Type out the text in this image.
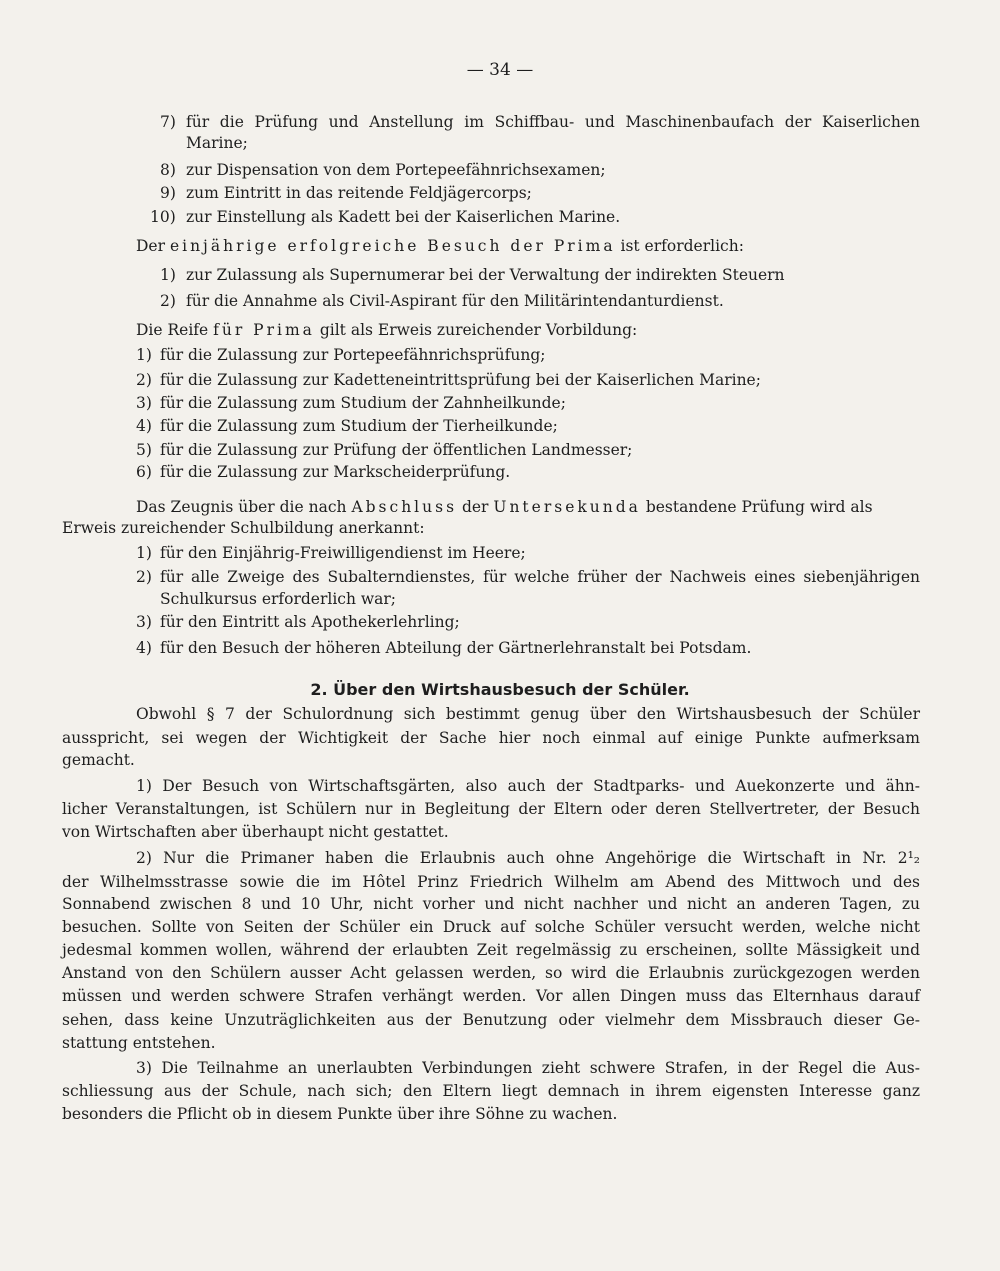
— 34 —
7) für die Prüfung und Anstellung im Schiffbau- und Maschinenbaufach der Kaiserlichen
Marine;
8) zur Dispensation von dem Portepeefähnrichsexamen;
9) zum Eintritt in das reitende Feldjägercorps;
10) zur Einstellung als Kadett bei der Kaiserlichen Marine.
Der einjährige erfolgreiche Besuch der Prima ist erforderlich:
1) zur Zulassung als Supernumerar bei der Verwaltung der indirekten Steuern
2) für die Annahme als Civil-Aspirant für den Militärintendanturdienst.
Die Reife für Prima gilt als Erweis zureichender Vorbildung:
1) für die Zulassung zur Portepeefähnrichsprüfung;
2) für die Zulassung zur Kadetteneintrittsprüfung bei der Kaiserlichen Marine;
3) für die Zulassung zum Studium der Zahnheilkunde;
4) für die Zulassung zum Studium der Tierheilkunde;
5) für die Zulassung zur Prüfung der öffentlichen Landmesser;
6) für die Zulassung zur Markscheiderprüfung.
Das Zeugnis über die nach Abschluss der Untersekunda bestandene Prüfung wird als
Erweis zureichender Schulbildung anerkannt:
1) für den Einjährig-Freiwilligendienst im Heere;
2) für alle Zweige des Subalterndienstes, für welche früher der Nachweis eines siebenjährigen
Schulkursus erforderlich war;
3) für den Eintritt als Apothekerlehrling;
4) für den Besuch der höheren Abteilung der Gärtnerlehranstalt bei Potsdam.
2. Über den Wirtshausbesuch der Schüler.
Obwohl § 7 der Schulordnung sich bestimmt genug über den Wirtshausbesuch der Schüler
ausspricht, sei wegen der Wichtigkeit der Sache hier noch einmal auf einige Punkte aufmerksam
gemacht.
1) Der Besuch von Wirtschaftsgärten, also auch der Stadtparks- und Auekonzerte und ähn-
licher Veranstaltungen, ist Schülern nur in Begleitung der Eltern oder deren Stellvertreter, der Besuch
von Wirtschaften aber überhaupt nicht gestattet.
2) Nur die Primaner haben die Erlaubnis auch ohne Angehörige die Wirtschaft in Nr. 2¹₂
der Wilhelmsstrasse sowie die im Hôtel Prinz Friedrich Wilhelm am Abend des Mittwoch und des
Sonnabend zwischen 8 und 10 Uhr, nicht vorher und nicht nachher und nicht an anderen Tagen, zu
besuchen. Sollte von Seiten der Schüler ein Druck auf solche Schüler versucht werden, welche nicht
jedesmal kommen wollen, während der erlaubten Zeit regelmässig zu erscheinen, sollte Mässigkeit und
Anstand von den Schülern ausser Acht gelassen werden, so wird die Erlaubnis zurückgezogen werden
müssen und werden schwere Strafen verhängt werden. Vor allen Dingen muss das Elternhaus darauf
sehen, dass keine Unzuträglichkeiten aus der Benutzung oder vielmehr dem Missbrauch dieser Ge-
stattung entstehen.
3) Die Teilnahme an unerlaubten Verbindungen zieht schwere Strafen, in der Regel die Aus-
schliessung aus der Schule, nach sich; den Eltern liegt demnach in ihrem eigensten Interesse ganz
besonders die Pflicht ob in diesem Punkte über ihre Söhne zu wachen.
